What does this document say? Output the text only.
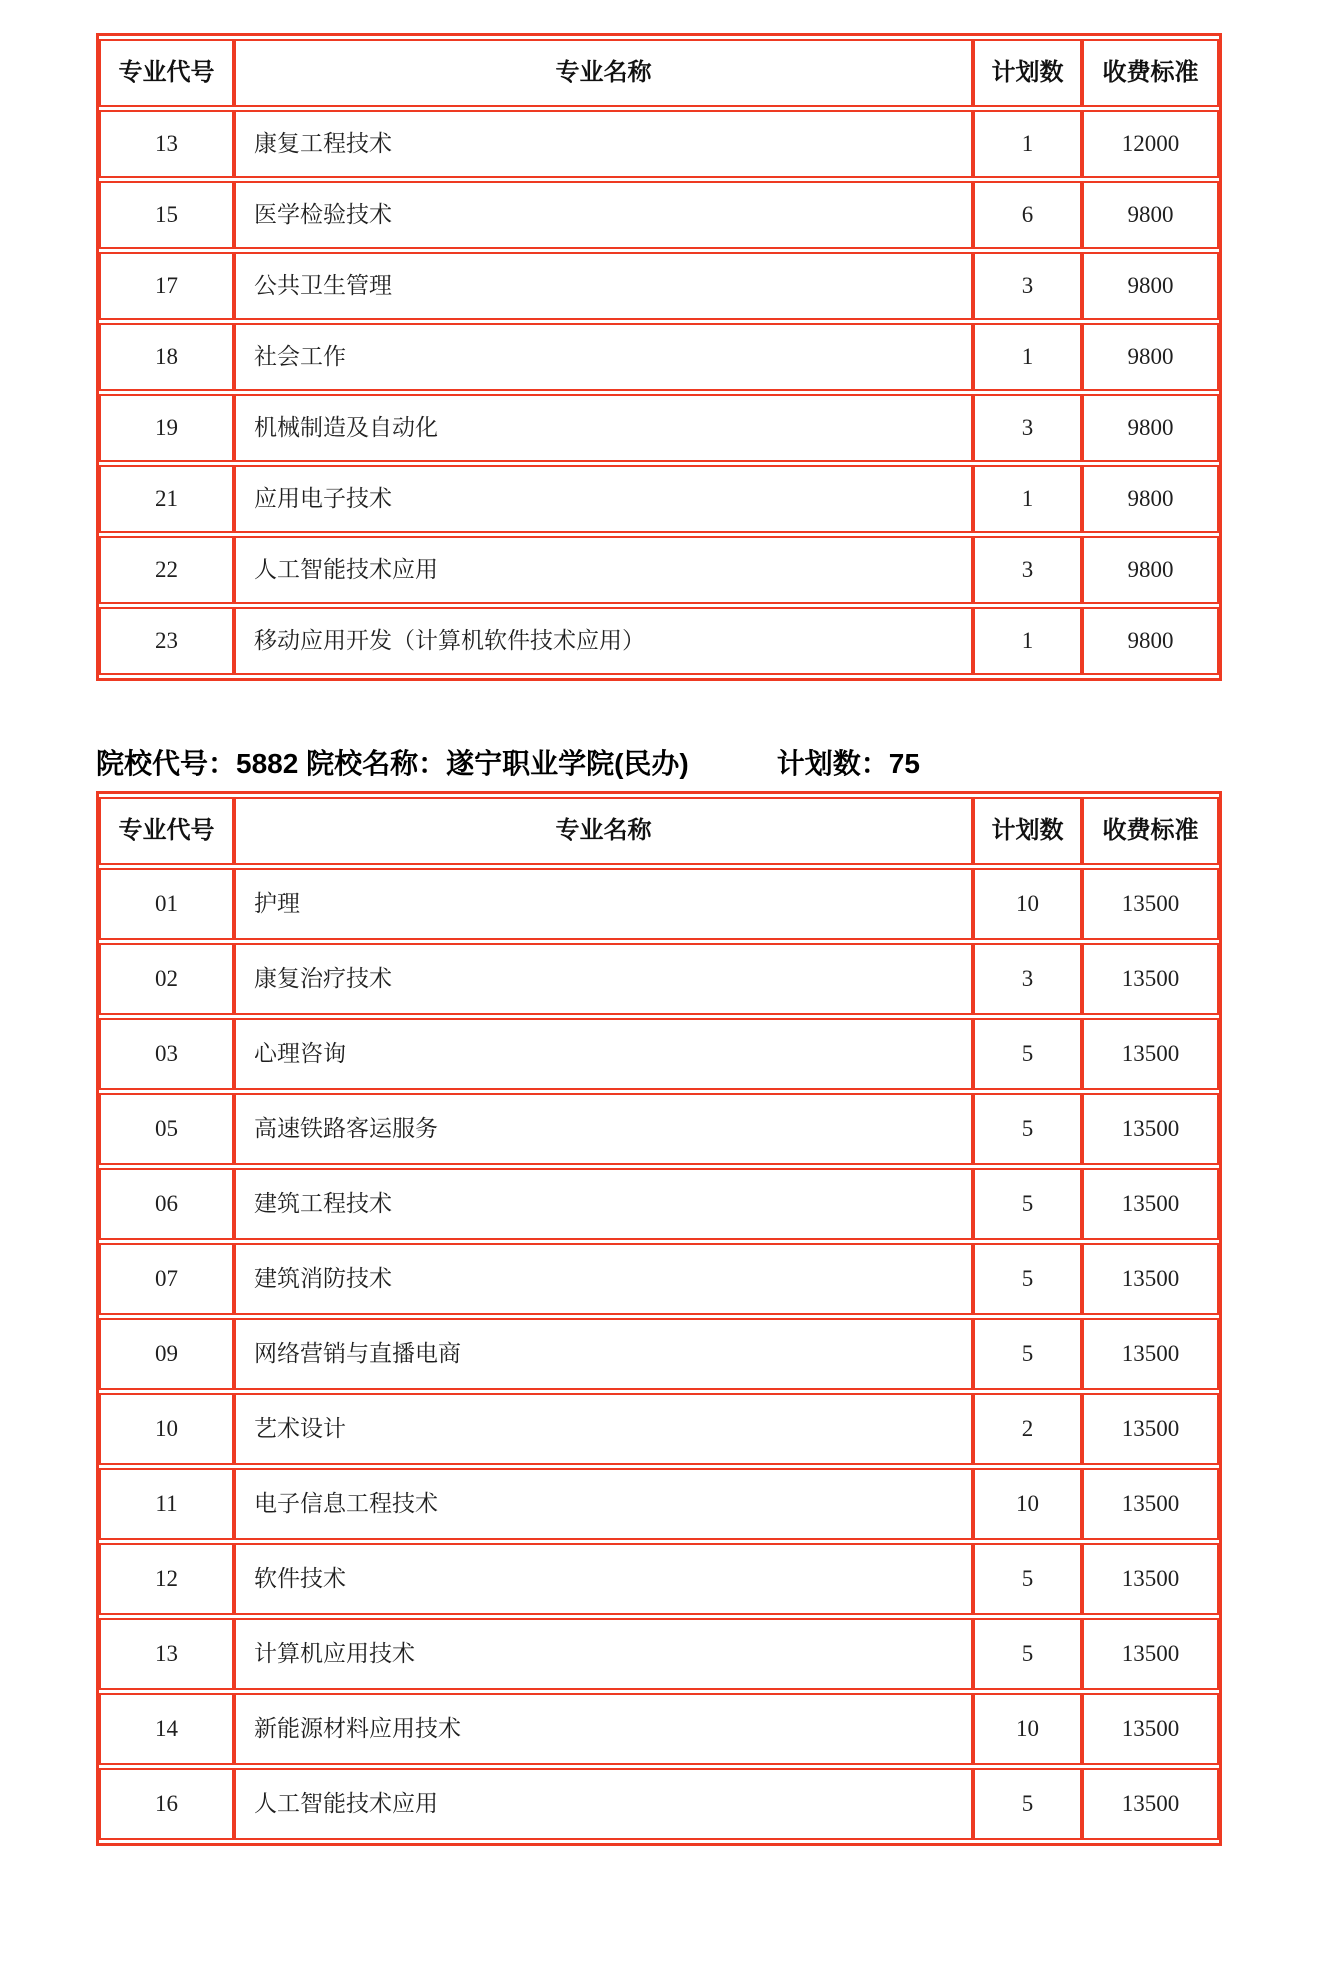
专业代号	专业名称	计划数	收费标准
13	康复工程技术	1	12000
15	医学检验技术	6	9800
17	公共卫生管理	3	9800
18	社会工作	1	9800
19	机械制造及自动化	3	9800
21	应用电子技术	1	9800
22	人工智能技术应用	3	9800
23	移动应用开发（计算机软件技术应用）	1	9800
院校代号：5882 院校名称：遂宁职业学院(民办)	计划数：75
专业代号	专业名称	计划数	收费标准
01	护理	10	13500
02	康复治疗技术	3	13500
03	心理咨询	5	13500
05	高速铁路客运服务	5	13500
06	建筑工程技术	5	13500
07	建筑消防技术	5	13500
09	网络营销与直播电商	5	13500
10	艺术设计	2	13500
11	电子信息工程技术	10	13500
12	软件技术	5	13500
13	计算机应用技术	5	13500
14	新能源材料应用技术	10	13500
16	人工智能技术应用	5	13500
